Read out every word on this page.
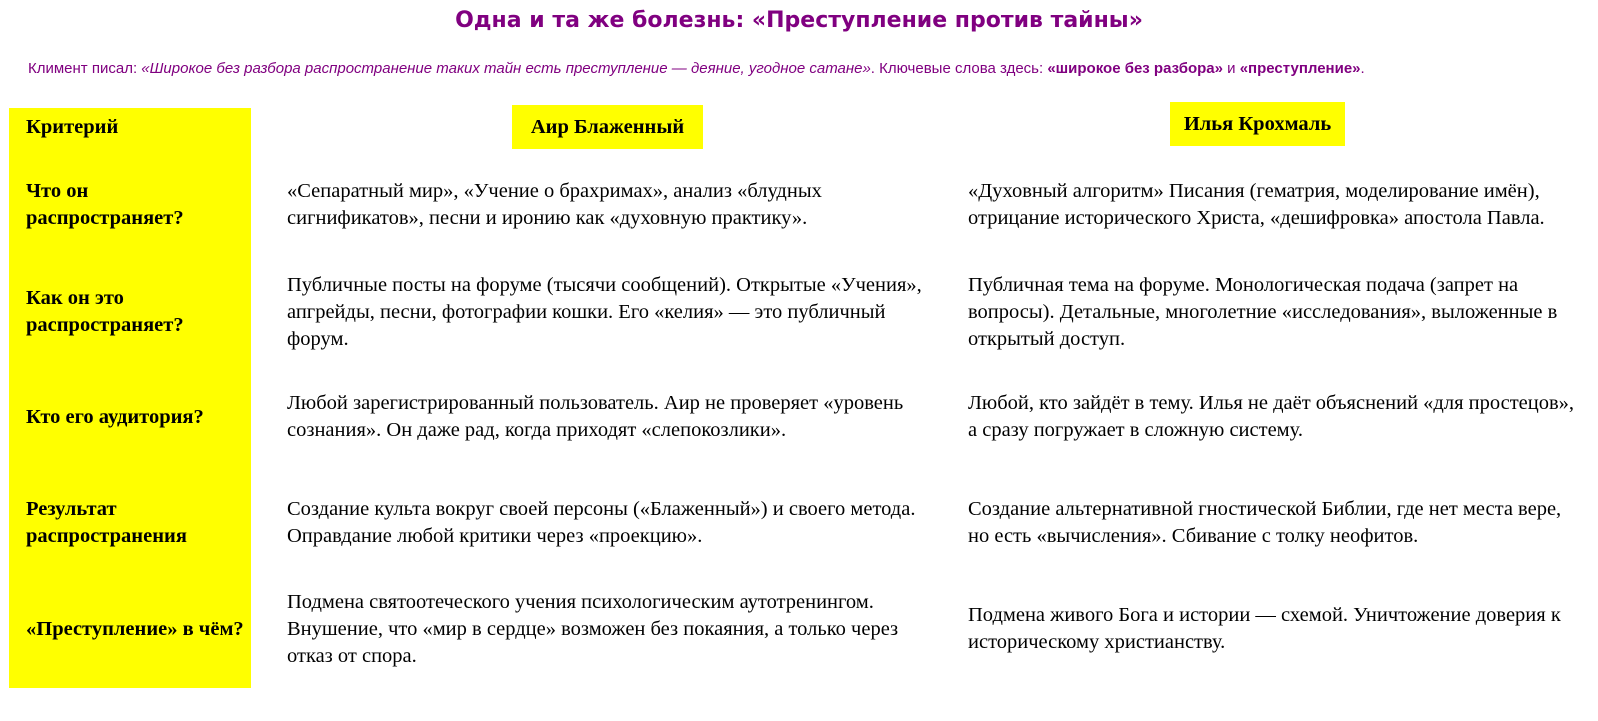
Одна и та же болезнь: «Преступление против тайны»
Климент писал: «Широкое без разбора распространение таких тайн есть преступление — деяние, угодное сатане». Ключевые слова здесь: «широкое без разбора» и «преступление».
Критерий	Аир Блаженный	Илья Крохмаль
Что он распространяет?
«Сепаратный мир», «Учение о брахримах», анализ «блудных сигнификатов», песни и иронию как «духовную практику».
«Духовный алгоритм» Писания (гематрия, моделирование имён), отрицание исторического Христа, «дешифровка» апостола Павла.
Как он это распространяет?
Публичные посты на форуме (тысячи сообщений). Открытые «Учения», апгрейды, песни, фотографии кошки. Его «келия» — это публичный форум.
Публичная тема на форуме. Монологическая подача (запрет на вопросы). Детальные, многолетние «исследования», выложенные в открытый доступ.
Кто его аудитория?
Любой зарегистрированный пользователь. Аир не проверяет «уровень сознания». Он даже рад, когда приходят «слепокозлики».
Любой, кто зайдёт в тему. Илья не даёт объяснений «для простецов», а сразу погружает в сложную систему.
Результат распространения
Создание культа вокруг своей персоны («Блаженный») и своего метода. Оправдание любой критики через «проекцию».
Создание альтернативной гностической Библии, где нет места вере, но есть «вычисления». Сбивание с толку неофитов.
«Преступление» в чём?
Подмена святоотеческого учения психологическим аутотренингом. Внушение, что «мир в сердце» возможен без покаяния, а только через отказ от спора.
Подмена живого Бога и истории — схемой. Уничтожение доверия к историческому христианству.
